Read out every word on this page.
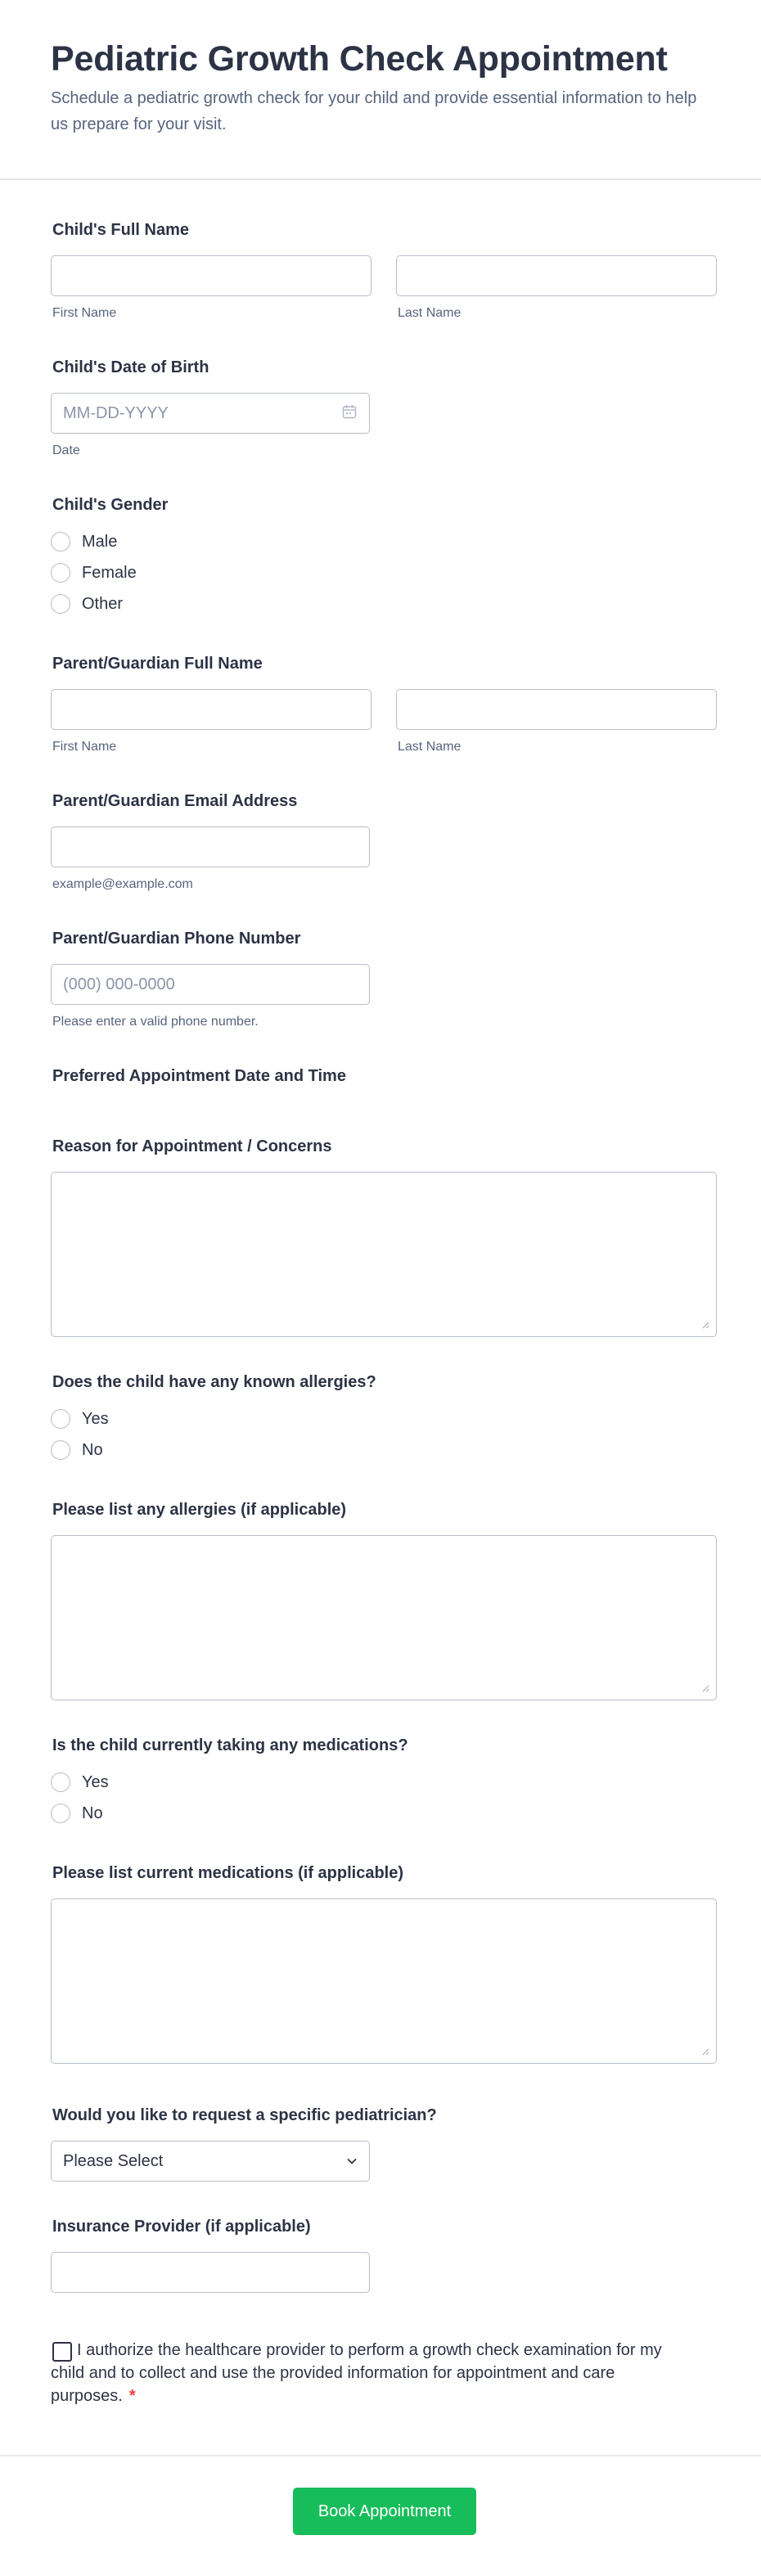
Pediatric Growth Check Appointment
Schedule a pediatric growth check for your child and provide essential information to help us prepare for your visit.
Child's Full Name
First Name	Last Name
Child's Date of Birth
MM-DD-YYYY
Date
Child's Gender
Male
Female
Other
Parent/Guardian Full Name
First Name	Last Name
Parent/Guardian Email Address
example@example.com
Parent/Guardian Phone Number
(000) 000-0000
Please enter a valid phone number.
Preferred Appointment Date and Time
Reason for Appointment / Concerns
Does the child have any known allergies?
Yes
No
Please list any allergies (if applicable)
Is the child currently taking any medications?
Yes
No
Please list current medications (if applicable)
Would you like to request a specific pediatrician?
Please Select
Insurance Provider (if applicable)
I authorize the healthcare provider to perform a growth check examination for my child and to collect and use the provided information for appointment and care purposes. *
Book Appointment
